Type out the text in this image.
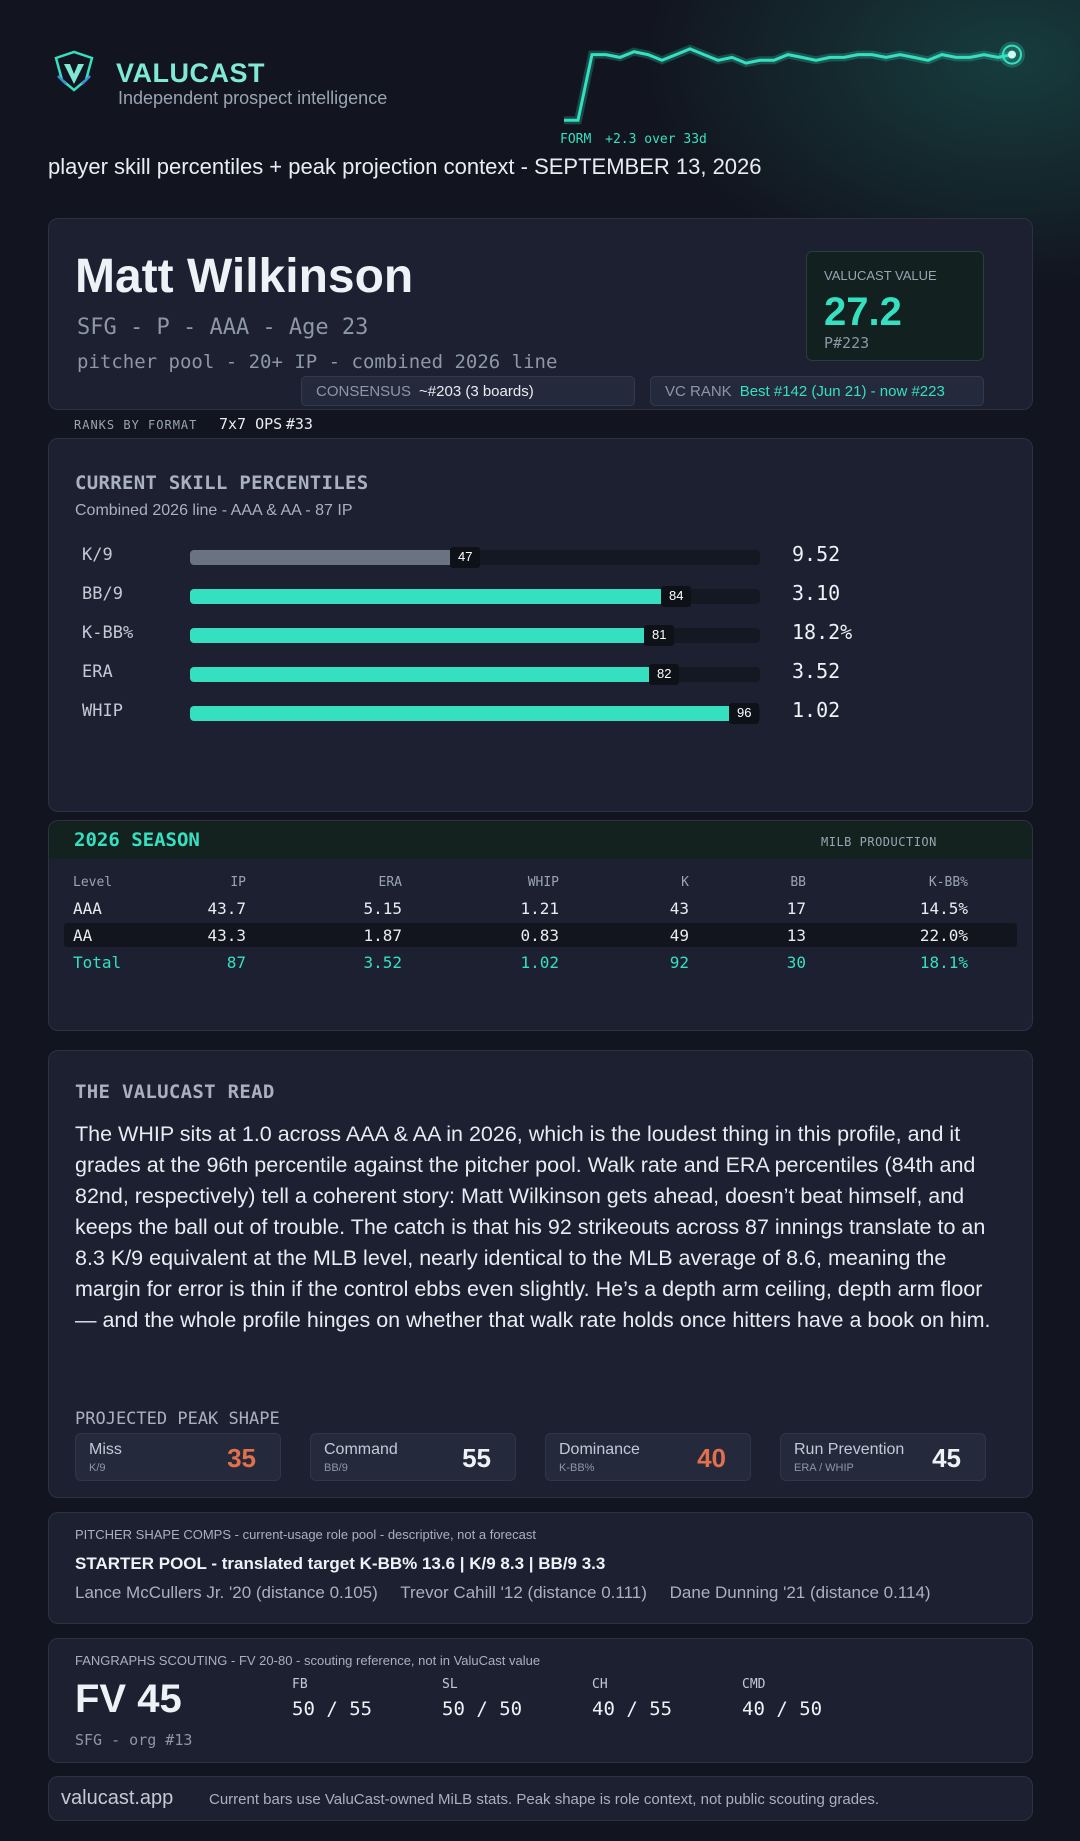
VALUCAST
Independent prospect intelligence
FORM +2.3 over 33d
player skill percentiles + peak projection context - SEPTEMBER 13, 2026
Matt Wilkinson
SFG - P - AAA - Age 23
pitcher pool - 20+ IP - combined 2026 line
VALUCAST VALUE
27.2
P#223
CONSENSUS ~#203 (3 boards)	VC RANK Best #142 (Jun 21) - now #223
RANKS BY FORMAT 7x7 OPS #33
CURRENT SKILL PERCENTILES
Combined 2026 line - AAA & AA - 87 IP
K/9	47	9.52
BB/9	84	3.10
K-BB%	81	18.2%
ERA	82	3.52
WHIP	96	1.02
2026 SEASON	MILB PRODUCTION
Level	IP	ERA	WHIP	K	BB	K-BB%
AAA	43.7	5.15	1.21	43	17	14.5%
AA	43.3	1.87	0.83	49	13	22.0%
Total	87	3.52	1.02	92	30	18.1%
THE VALUCAST READ
The WHIP sits at 1.0 across AAA & AA in 2026, which is the loudest thing in this profile, and it grades at the 96th percentile against the pitcher pool. Walk rate and ERA percentiles (84th and 82nd, respectively) tell a coherent story: Matt Wilkinson gets ahead, doesn’t beat himself, and keeps the ball out of trouble. The catch is that his 92 strikeouts across 87 innings translate to an 8.3 K/9 equivalent at the MLB level, nearly identical to the MLB average of 8.6, meaning the margin for error is thin if the control ebbs even slightly. He’s a depth arm ceiling, depth arm floor — and the whole profile hinges on whether that walk rate holds once hitters have a book on him.
PROJECTED PEAK SHAPE
Miss
K/9	35	Command
BB/9	55	Dominance
K-BB%	40	Run Prevention
ERA / WHIP	45
PITCHER SHAPE COMPS - current-usage role pool - descriptive, not a forecast
STARTER POOL - translated target K-BB% 13.6 | K/9 8.3 | BB/9 3.3
Lance McCullers Jr. '20 (distance 0.105) Trevor Cahill '12 (distance 0.111) Dane Dunning '21 (distance 0.114)
FANGRAPHS SCOUTING - FV 20-80 - scouting reference, not in ValuCast value
FV 45
SFG - org #13
FB
50 / 55
SL
50 / 50
CH
40 / 55
CMD
40 / 50
valucast.app Current bars use ValuCast-owned MiLB stats. Peak shape is role context, not public scouting grades.
